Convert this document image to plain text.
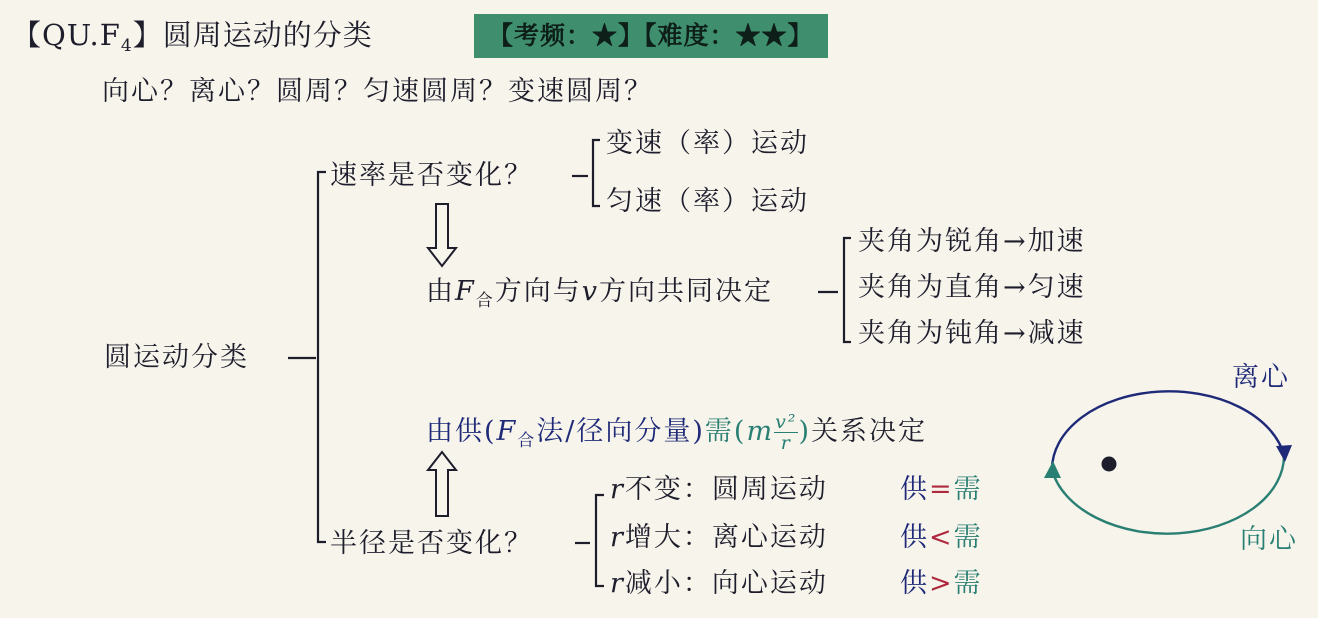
【$QU.F_4$】圆周运动的分类	【考频：★】【难度：★★】
向心？离心？圆周？匀速圆周？变速圆周？
圆运动分类
速率是否变化？
变速（率）运动
匀速（率）运动
由$F_合$方向与v方向共同决定
夹角为锐角→加速
夹角为直角→匀速
夹角为钝角→减速
由供($F_合$法/径向分量)需($m \frac{\text{v²}}{r}$ )关系决定
半径是否变化？
r不变：圆周运动
r增大：离心运动
r减小：向心运动
供=需
供<需
供>需
离心
向心
